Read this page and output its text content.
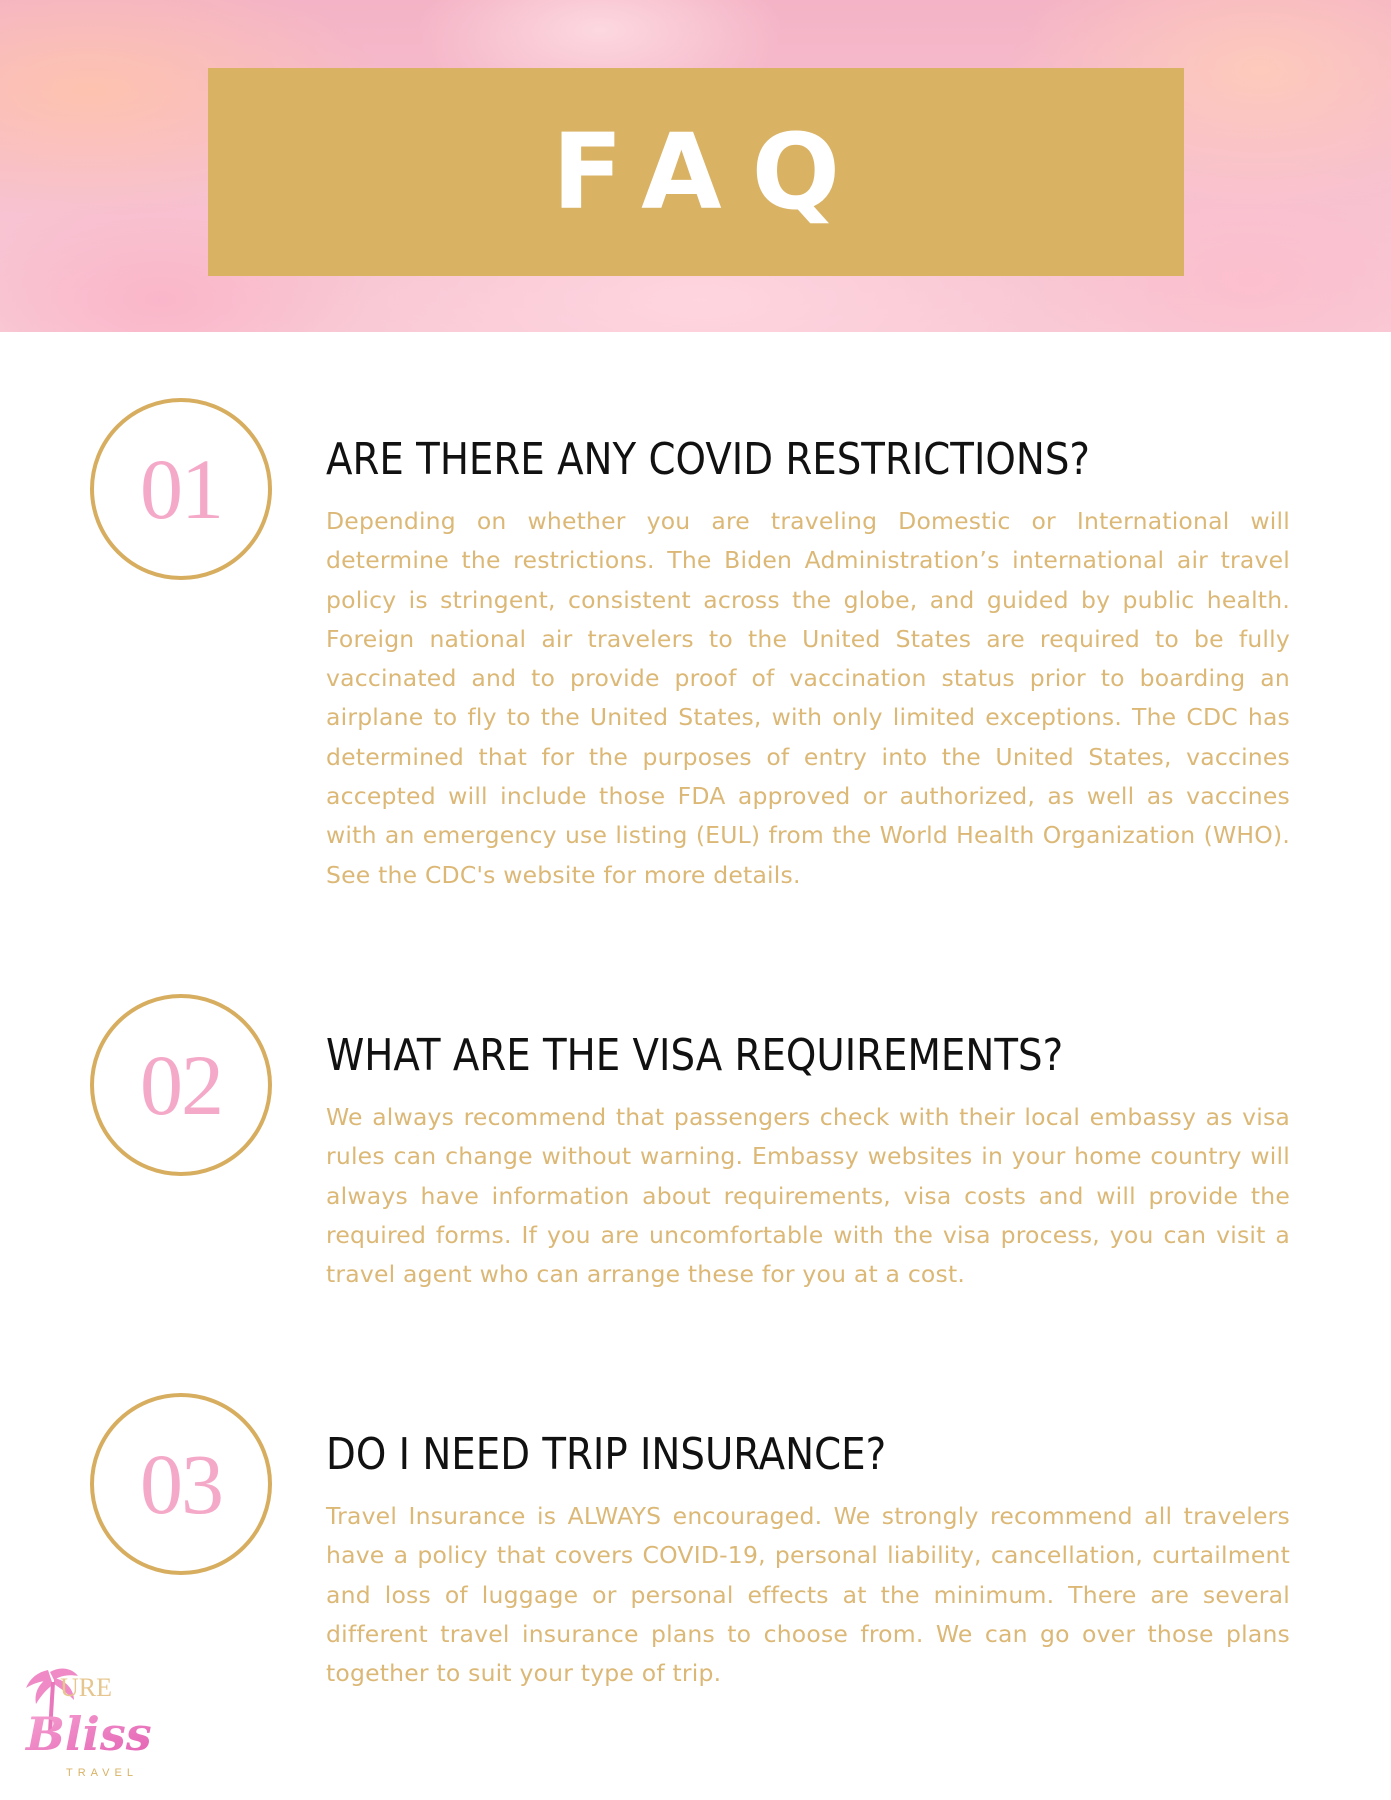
FAQ
01 ARE THERE ANY COVID RESTRICTIONS?

Depending on whether you are traveling Domestic or International will determine the restrictions. The Biden Administration’s international air travel policy is stringent, consistent across the globe, and guided by public health. Foreign national air travelers to the United States are required to be fully vaccinated and to provide proof of vaccination status prior to boarding an airplane to fly to the United States, with only limited exceptions. The CDC has determined that for the purposes of entry into the United States, vaccines accepted will include those FDA approved or authorized, as well as vaccines with an emergency use listing (EUL) from the World Health Organization (WHO). See the CDC's website for more details.

02 WHAT ARE THE VISA REQUIREMENTS?

We always recommend that passengers check with their local embassy as visa rules can change without warning. Embassy websites in your home country will always have information about requirements, visa costs and will provide the required forms. If you are uncomfortable with the visa process, you can visit a travel agent who can arrange these for you at a cost.

03 DO I NEED TRIP INSURANCE?

Travel Insurance is ALWAYS encouraged. We strongly recommend all travelers have a policy that covers COVID-19, personal liability, cancellation, curtailment and loss of luggage or personal effects at the minimum. There are several different travel insurance plans to choose from. We can go over those plans together to suit your type of trip.

URE
Bliss
TRAVEL
